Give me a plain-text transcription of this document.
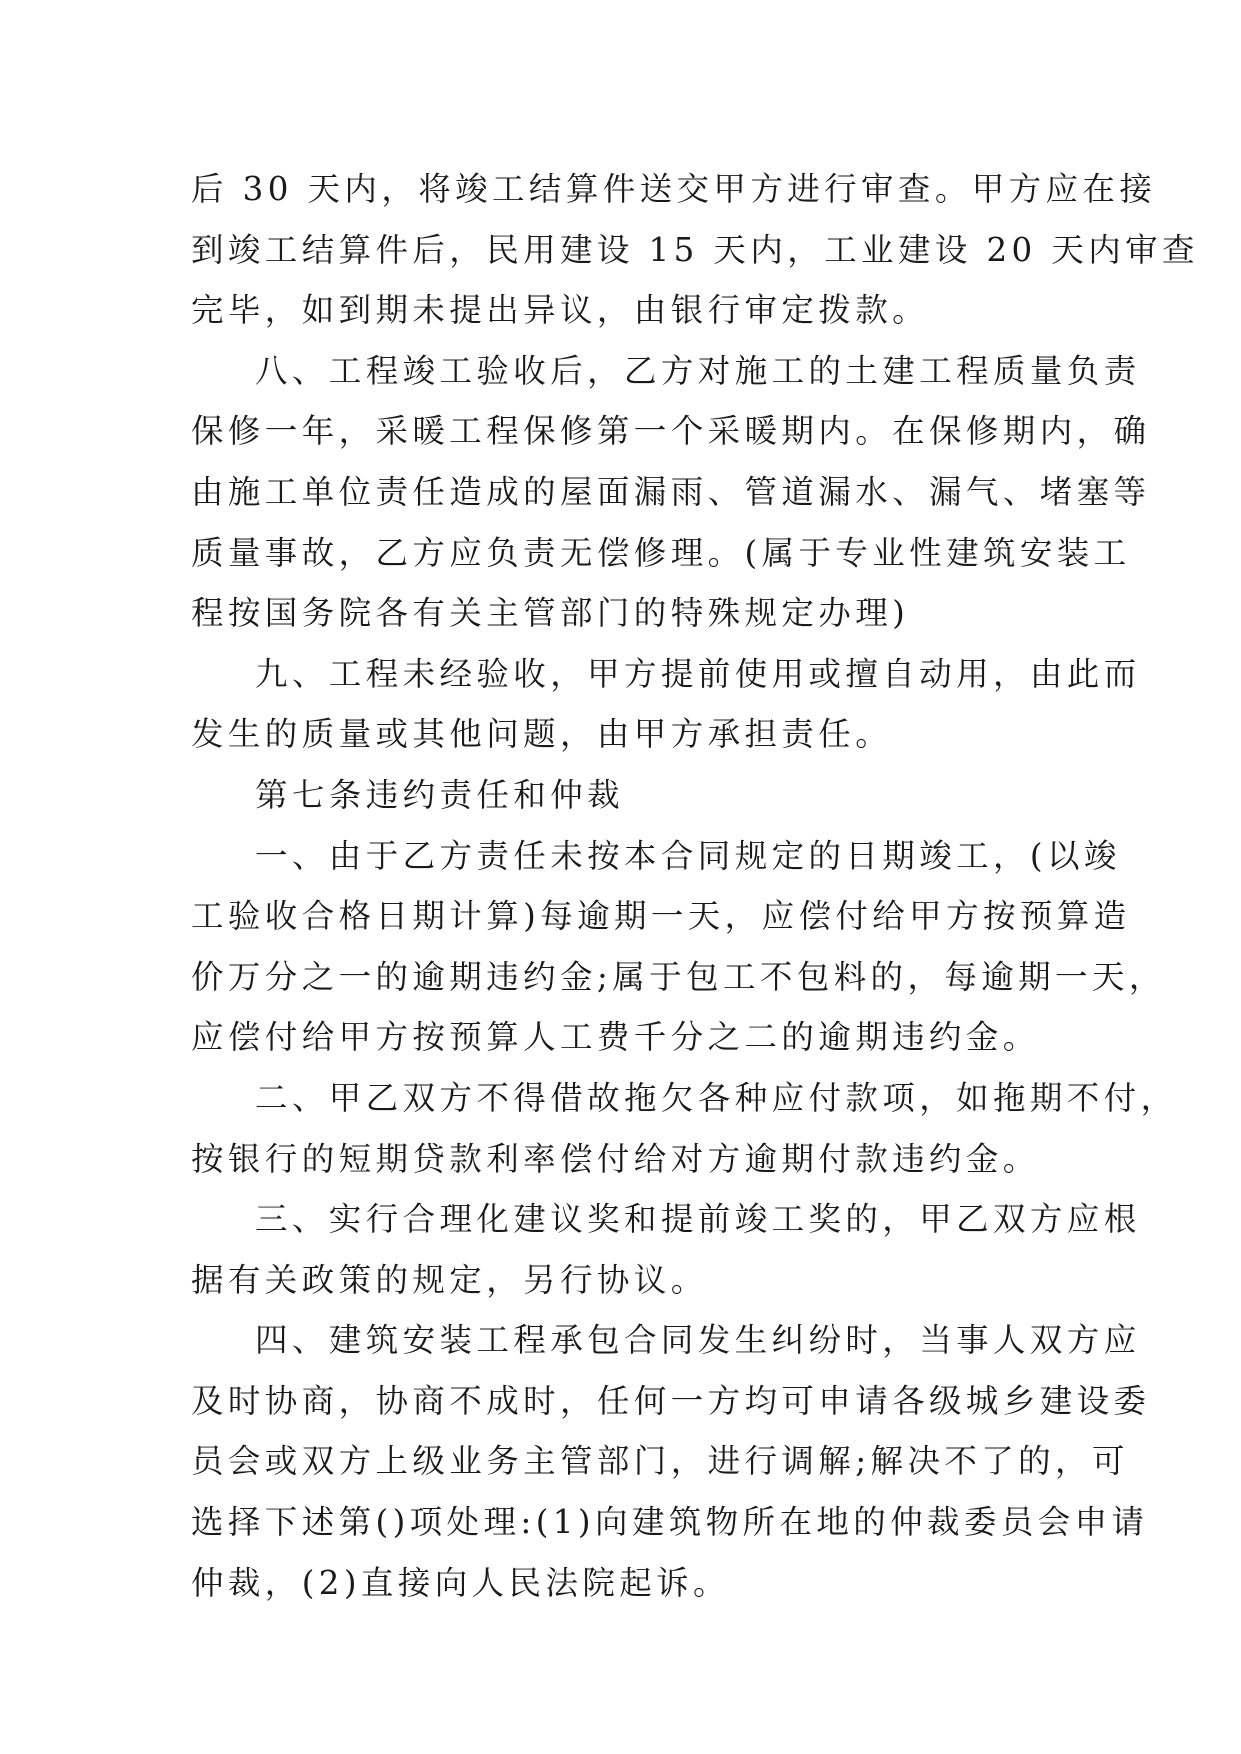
后 30 天内，将竣工结算件送交甲方进行审查。甲方应在接

到竣工结算件后，民用建设 15 天内，工业建设 20 天内审查

完毕，如到期未提出异议，由银行审定拨款。

八、工程竣工验收后，乙方对施工的土建工程质量负责

保修一年，采暖工程保修第一个采暖期内。在保修期内，确

由施工单位责任造成的屋面漏雨、管道漏水、漏气、堵塞等

质量事故，乙方应负责无偿修理。(属于专业性建筑安装工

程按国务院各有关主管部门的特殊规定办理)

九、工程未经验收，甲方提前使用或擅自动用，由此而

发生的质量或其他问题，由甲方承担责任。

第七条违约责任和仲裁

一、由于乙方责任未按本合同规定的日期竣工，(以竣

工验收合格日期计算)每逾期一天，应偿付给甲方按预算造

价万分之一的逾期违约金;属于包工不包料的，每逾期一天，

应偿付给甲方按预算人工费千分之二的逾期违约金。

二、甲乙双方不得借故拖欠各种应付款项，如拖期不付，

按银行的短期贷款利率偿付给对方逾期付款违约金。

三、实行合理化建议奖和提前竣工奖的，甲乙双方应根

据有关政策的规定，另行协议。

四、建筑安装工程承包合同发生纠纷时，当事人双方应

及时协商，协商不成时，任何一方均可申请各级城乡建设委

员会或双方上级业务主管部门，进行调解;解决不了的，可

选择下述第()项处理:(1)向建筑物所在地的仲裁委员会申请

仲裁，(2)直接向人民法院起诉。
